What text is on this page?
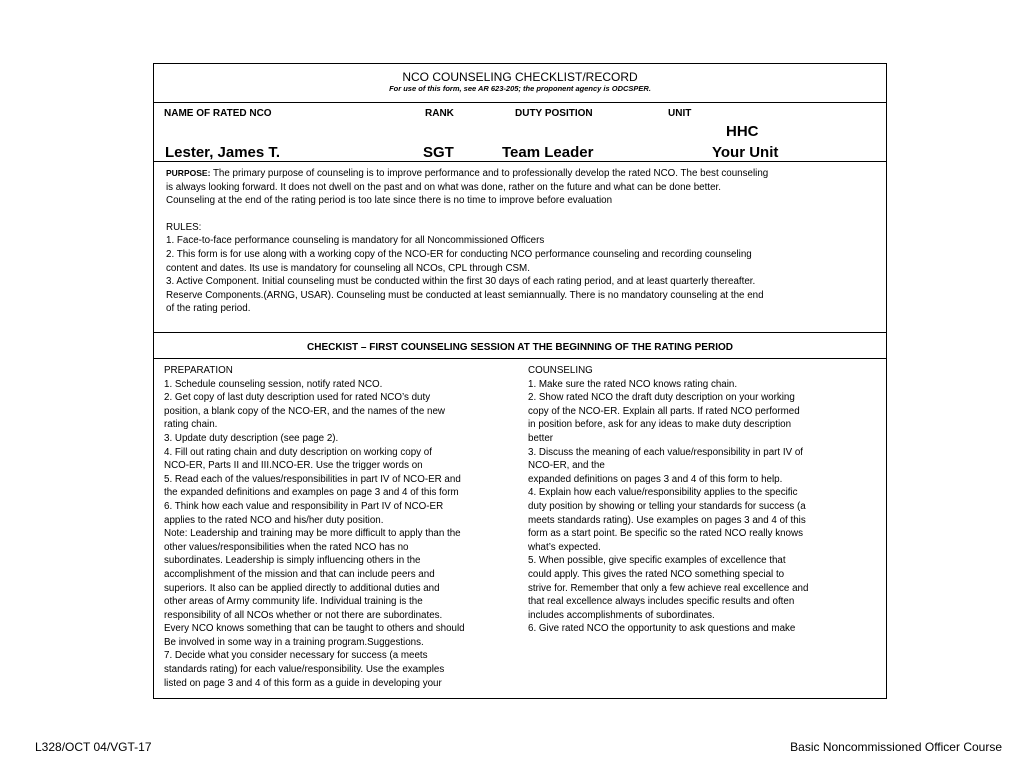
NCO COUNSELING CHECKLIST/RECORD
For use of this form, see AR 623-205; the proponent agency is ODCSPER.
NAME OF RATED NCO	RANK	DUTY POSITION	UNIT
HHC
Lester, James T.	SGT	Team Leader	Your Unit
PURPOSE: The primary purpose of counseling is to improve performance and to professionally develop the rated NCO. The best counseling
is always looking forward. It does not dwell on the past and on what was done, rather on the future and what can be done better.
Counseling at the end of the rating period is too late since there is no time to improve before evaluation
RULES:
1. Face-to-face performance counseling is mandatory for all Noncommissioned Officers
2. This form is for use along with a working copy of the NCO-ER for conducting NCO performance counseling and recording counseling
content and dates. Its use is mandatory for counseling all NCOs, CPL through CSM.
3. Active Component. Initial counseling must be conducted within the first 30 days of each rating period, and at least quarterly thereafter.
Reserve Components.(ARNG, USAR). Counseling must be conducted at least semiannually. There is no mandatory counseling at the end
of the rating period.
CHECKIST – FIRST COUNSELING SESSION AT THE BEGINNING OF THE RATING PERIOD
PREPARATION
1. Schedule counseling session, notify rated NCO.
2. Get copy of last duty description used for rated NCO’s duty
position, a blank copy of the NCO-ER, and the names of the new
rating chain.
3. Update duty description (see page 2).
4. Fill out rating chain and duty description on working copy of
NCO-ER, Parts II and III.NCO-ER. Use the trigger words on
5. Read each of the values/responsibilities in part IV of NCO-ER and
the expanded definitions and examples on page 3 and 4 of this form
6. Think how each value and responsibility in Part IV of NCO-ER
applies to the rated NCO and his/her duty position.
Note: Leadership and training may be more difficult to apply than the
other values/responsibilities when the rated NCO has no
subordinates. Leadership is simply influencing others in the
accomplishment of the mission and that can include peers and
superiors. It also can be applied directly to additional duties and
other areas of Army community life. Individual training is the
responsibility of all NCOs whether or not there are subordinates.
Every NCO knows something that can be taught to others and should
Be involved in some way in a training program.Suggestions.
7. Decide what you consider necessary for success (a meets
standards rating) for each value/responsibility. Use the examples
listed on page 3 and 4 of this form as a guide in developing your
COUNSELING
1. Make sure the rated NCO knows rating chain.
2. Show rated NCO the draft duty description on your working
copy of the NCO-ER. Explain all parts. If rated NCO performed
in position before, ask for any ideas to make duty description
better
3. Discuss the meaning of each value/responsibility in part IV of
NCO-ER, and the
expanded definitions on pages 3 and 4 of this form to help.
4. Explain how each value/responsibility applies to the specific
duty position by showing or telling your standards for success (a
meets standards rating). Use examples on pages 3 and 4 of this
form as a start point. Be specific so the rated NCO really knows
what’s expected.
5. When possible, give specific examples of excellence that
could apply. This gives the rated NCO something special to
strive for. Remember that only a few achieve real excellence and
that real excellence always includes specific results and often
includes accomplishments of subordinates.
6. Give rated NCO the opportunity to ask questions and make
L328/OCT 04/VGT-17	Basic Noncommissioned Officer Course
